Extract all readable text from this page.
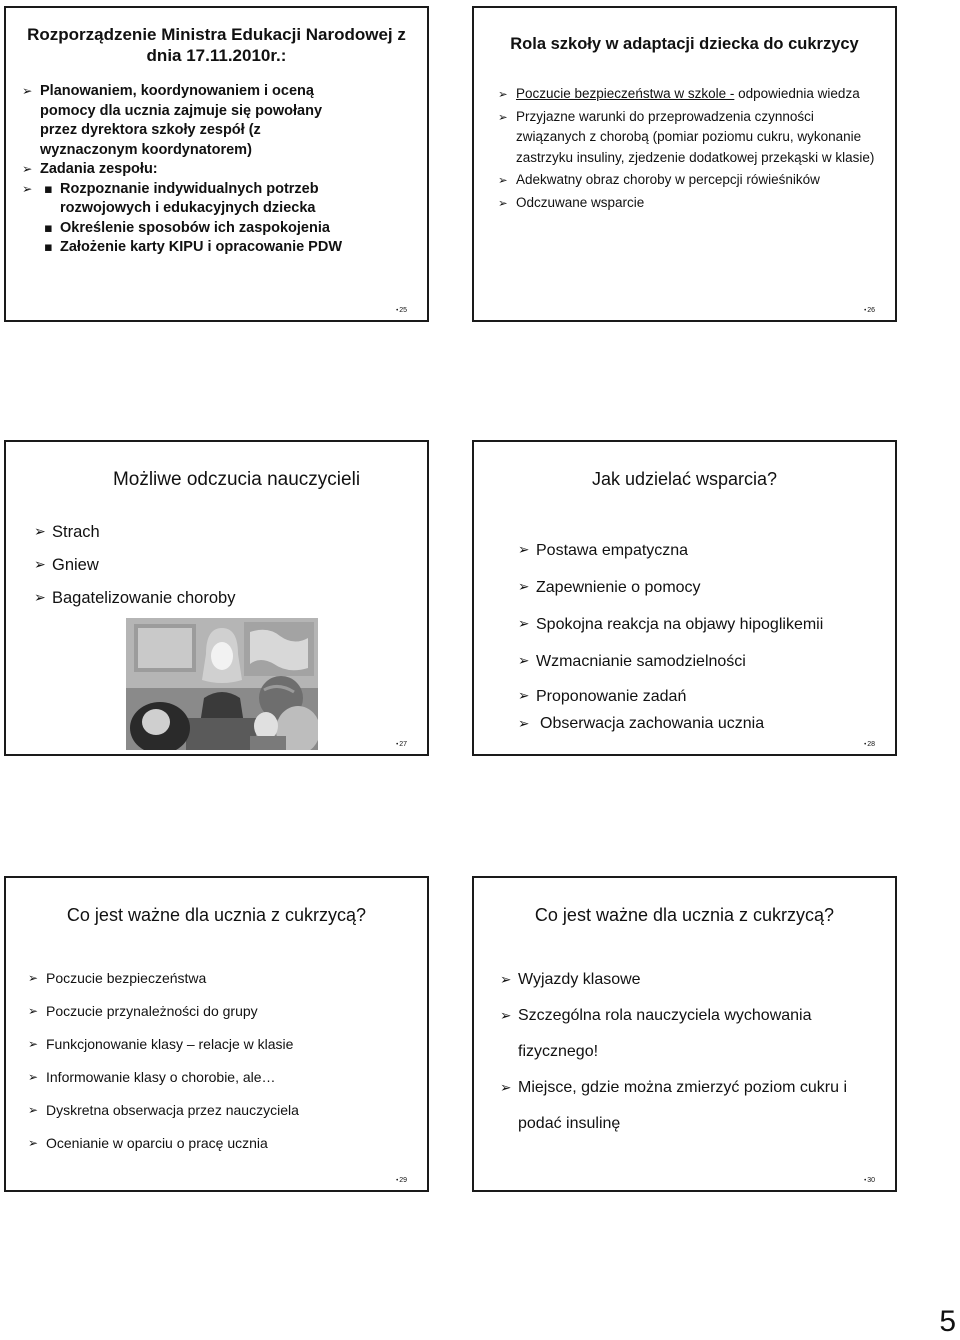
Rozporządzenie Ministra Edukacji Narodowej z
dnia 17.11.2010r.:
➢ Planowaniem, koordynowaniem i oceną pomocy dla ucznia zajmuje się powołany przez dyrektora szkoły zespół (z wyznaczonym koordynatorem)
➢ Zadania zespołu:
▪ ➢ Rozpoznanie indywidualnych potrzeb rozwojowych i edukacyjnych dziecka
▪ Określenie sposobów ich zaspokojenia
▪ Założenie karty KIPU i opracowanie PDW
• 25
Rola szkoły w adaptacji dziecka do cukrzycy
➢ Poczucie bezpieczeństwa w szkole - odpowiednia wiedza
➢ Przyjazne warunki do przeprowadzenia czynności związanych z chorobą (pomiar poziomu cukru, wykonanie zastrzyku insuliny, zjedzenie dodatkowej przekąski w klasie)
➢ Adekwatny obraz choroby w percepcji rówieśników
➢ Odczuwane wsparcie
• 26
Możliwe odczucia nauczycieli
➢ Strach
➢ Gniew
➢ Bagatelizowanie choroby
• 27
Jak udzielać wsparcia?
➢ Postawa empatyczna
➢ Zapewnienie o pomocy
➢ Spokojna reakcja na objawy hipoglikemii
➢ Wzmacnianie samodzielności
➢ Proponowanie zadań
➢ Obserwacja zachowania ucznia
• 28
Co jest ważne dla ucznia z cukrzycą?
➢ Poczucie bezpieczeństwa
➢ Poczucie przynależności do grupy
➢ Funkcjonowanie klasy – relacje w klasie
➢ Informowanie klasy o chorobie, ale…
➢ Dyskretna obserwacja przez nauczyciela
➢ Ocenianie w oparciu o pracę ucznia
• 29
Co jest ważne dla ucznia z cukrzycą?
➢ Wyjazdy klasowe
➢ Szczególna rola nauczyciela wychowania
fizycznego!
➢ Miejsce, gdzie można zmierzyć poziom cukru i
podać insulinę
• 30
5
